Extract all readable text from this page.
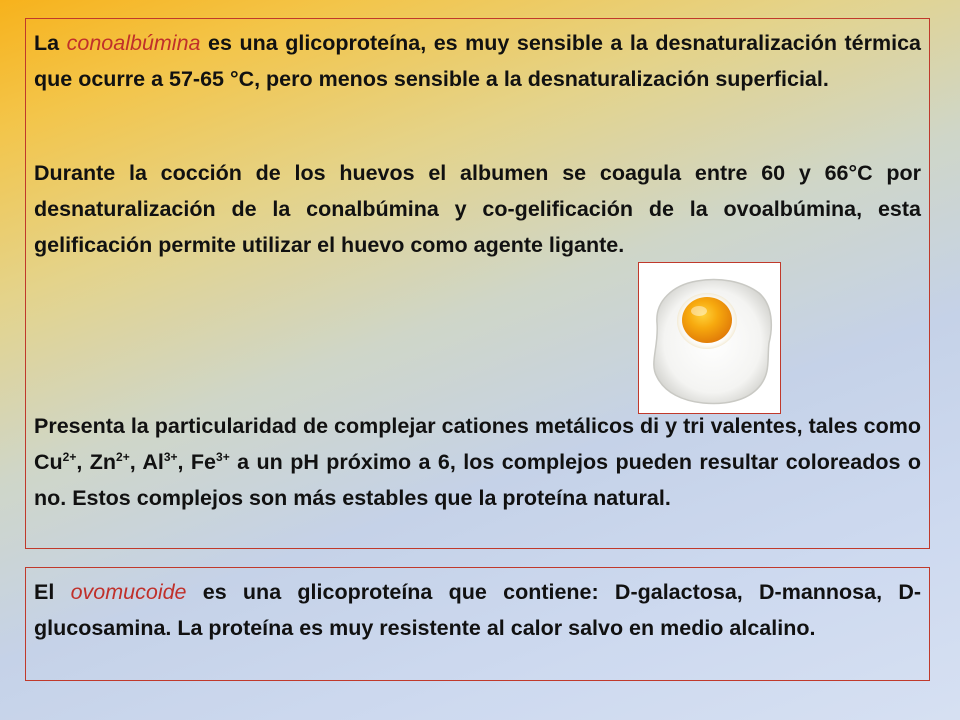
La conoalbúmina es una glicoproteína, es muy sensible a la desnaturalización térmica que ocurre a 57-65 °C, pero menos sensible a la desnaturalización superficial.

Durante la cocción de los huevos el albumen se coagula entre 60 y 66°C por desnaturalización de la conalbúmina y co-gelificación de la ovoalbúmina, esta gelificación permite utilizar el huevo como agente ligante.

Presenta la particularidad de complejar cationes metálicos di y tri valentes, tales como $Cu^{2+}$, $Zn^{2+}$, $Al^{3+}$, $Fe^{3+}$ a un pH próximo a 6, los complejos pueden resultar coloreados o no. Estos complejos son más estables que la proteína natural.

El ovomucoide es una glicoproteína que contiene: D-galactosa, D-mannosa, D-glucosamina. La proteína es muy resistente al calor salvo en medio alcalino.
